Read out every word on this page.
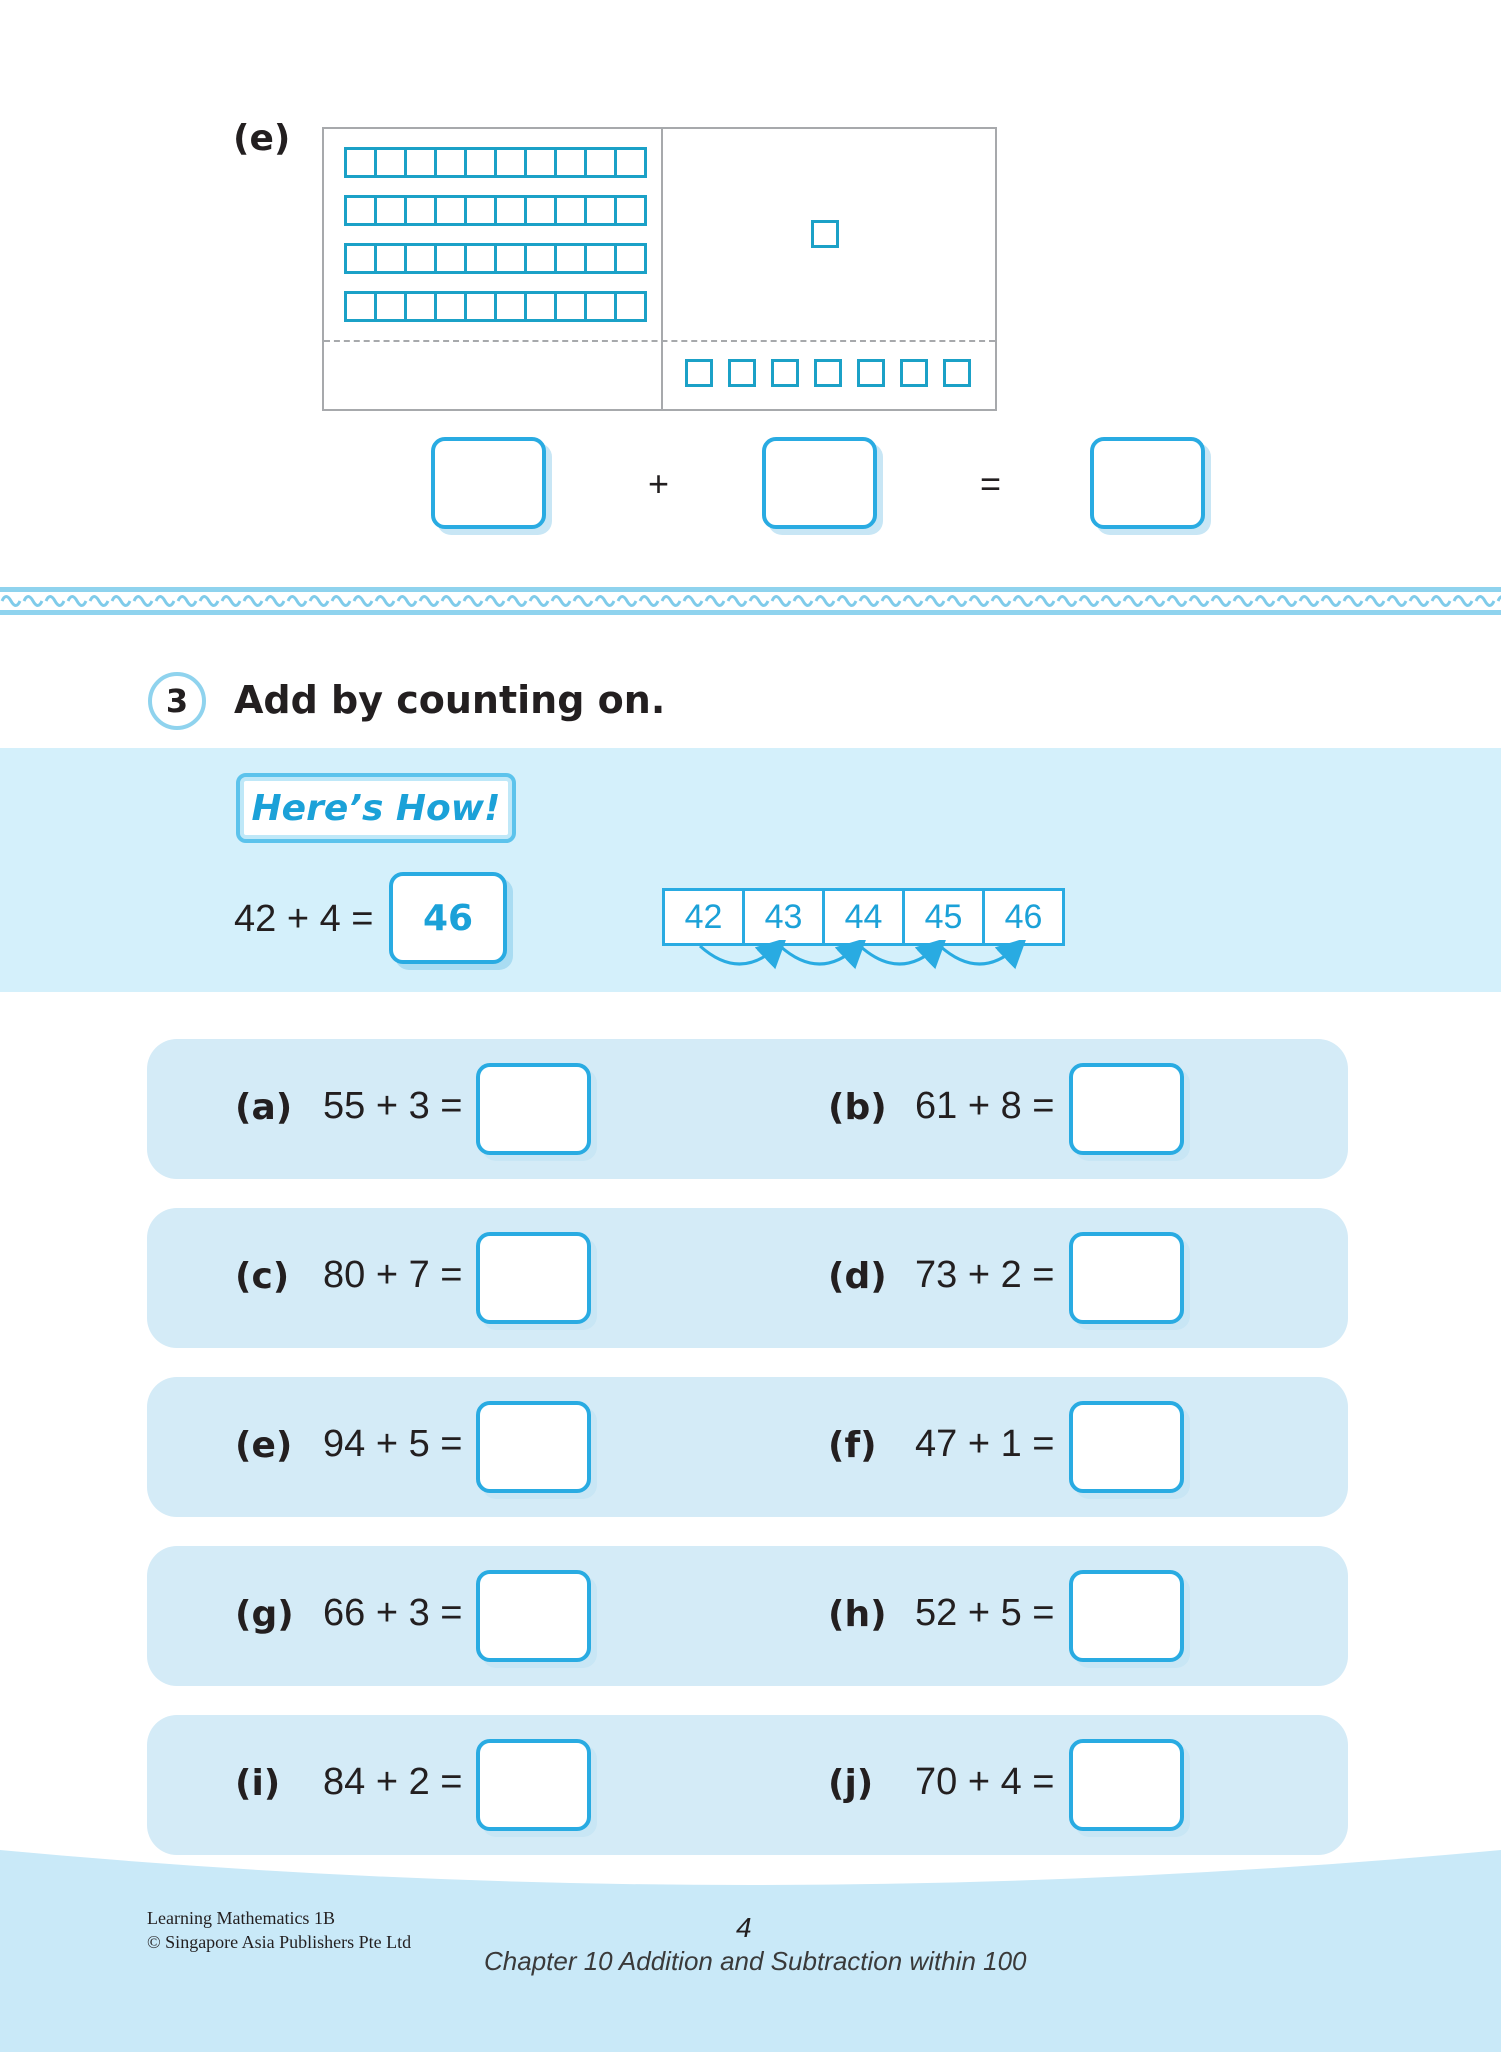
(e)
+	=
3	Add by counting on.
Here’s How!
42 + 4 =	46	42	43	44	45	46
(a) 55 + 3 =	(b) 61 + 8 =
(c) 80 + 7 =	(d) 73 + 2 =
(e) 94 + 5 =	(f) 47 + 1 =
(g) 66 + 3 =	(h) 52 + 5 =
(i) 84 + 2 =	(j) 70 + 4 =
Learning Mathematics 1B
© Singapore Asia Publishers Pte Ltd	4
Chapter 10 Addition and Subtraction within 100
